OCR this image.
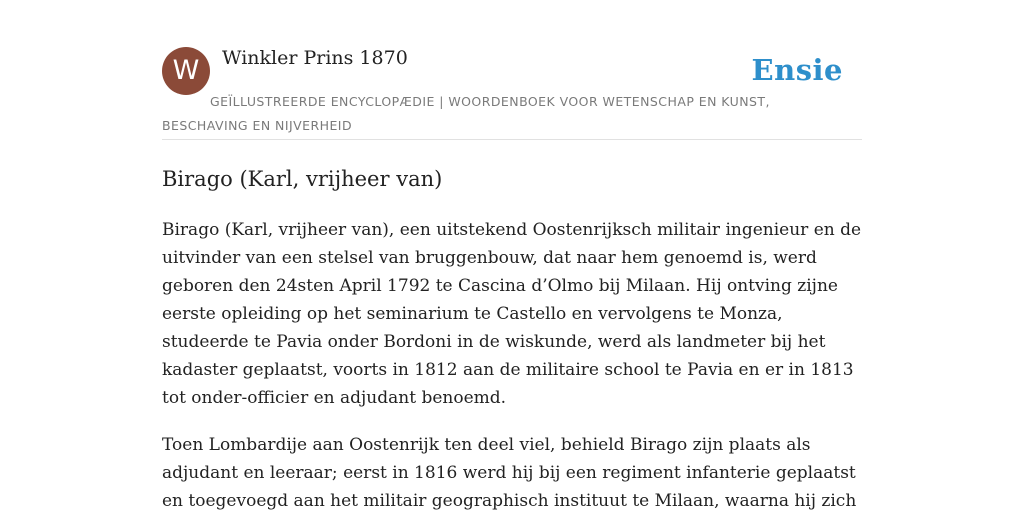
W	Winkler Prins 1870	Ensie
GEÏLLUSTREERDE ENCYCLOPÆDIE | WOORDENBOEK VOOR WETENSCHAP EN KUNST, BESCHAVING EN NIJVERHEID
Birago (Karl, vrijheer van)

Birago (Karl, vrijheer van), een uitstekend Oostenrijksch militair ingenieur en de uitvinder van een stelsel van bruggenbouw, dat naar hem genoemd is, werd geboren den 24sten April 1792 te Cascina d’Olmo bij Milaan. Hij ontving zijne eerste opleiding op het seminarium te Castello en vervolgens te Monza, studeerde te Pavia onder Bordoni in de wiskunde, werd als landmeter bij het kadaster geplaatst, voorts in 1812 aan de militaire school te Pavia en er in 1813 tot onder-officier en adjudant benoemd.

Toen Lombardije aan Oostenrijk ten deel viel, behield Birago zijn plaats als adjudant en leeraar; eerst in 1816 werd hij bij een regiment infanterie geplaatst en toegevoegd aan het militair geographisch instituut te Milaan, waarna hij zich
